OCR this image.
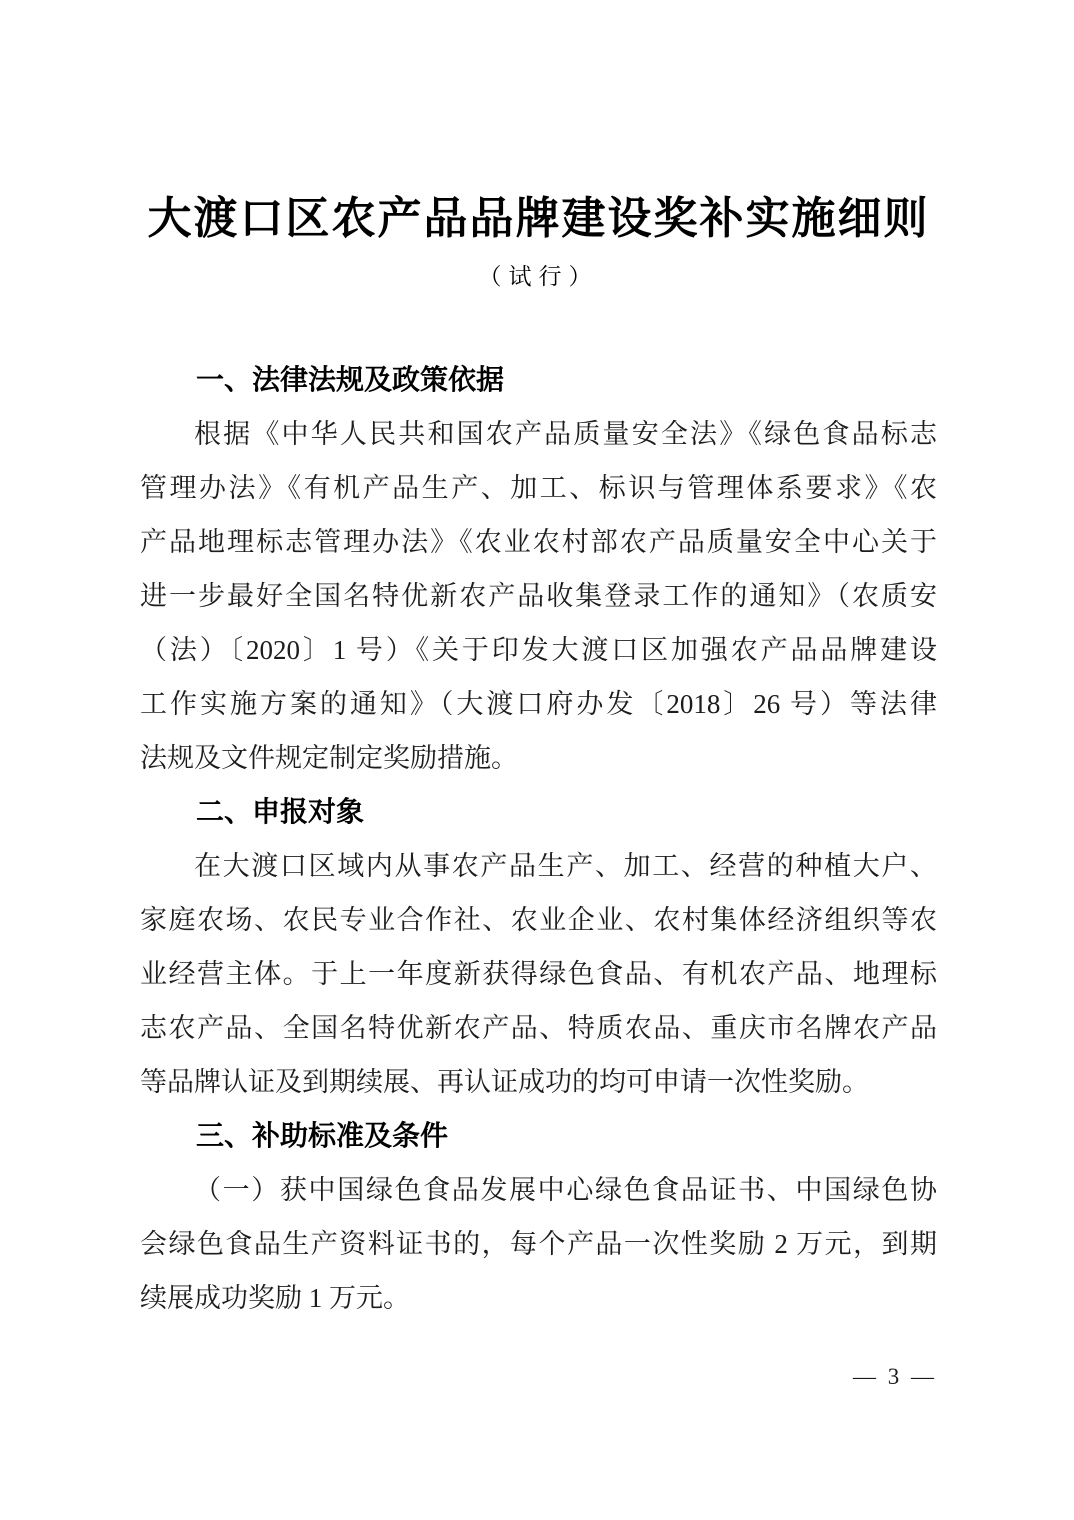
大渡口区农产品品牌建设奖补实施细则
（试行）
一、法律法规及政策依据
根据《中华人民共和国农产品质量安全法》《绿色食品标志
管理办法》《有机产品生产、加工、标识与管理体系要求》《农
产品地理标志管理办法》《农业农村部农产品质量安全中心关于
进一步最好全国名特优新农产品收集登录工作的通知》（农质安
（法）〔2020〕1 号）《关于印发大渡口区加强农产品品牌建设
工作实施方案的通知》（大渡口府办发〔2018〕26 号）等法律
法规及文件规定制定奖励措施。
二、申报对象
在大渡口区域内从事农产品生产、加工、经营的种植大户、
家庭农场、农民专业合作社、农业企业、农村集体经济组织等农
业经营主体。于上一年度新获得绿色食品、有机农产品、地理标
志农产品、全国名特优新农产品、特质农品、重庆市名牌农产品
等品牌认证及到期续展、再认证成功的均可申请一次性奖励。
三、补助标准及条件
（一）获中国绿色食品发展中心绿色食品证书、中国绿色协
会绿色食品生产资料证书的，每个产品一次性奖励 2 万元，到期
续展成功奖励 1 万元。
— 3 —
